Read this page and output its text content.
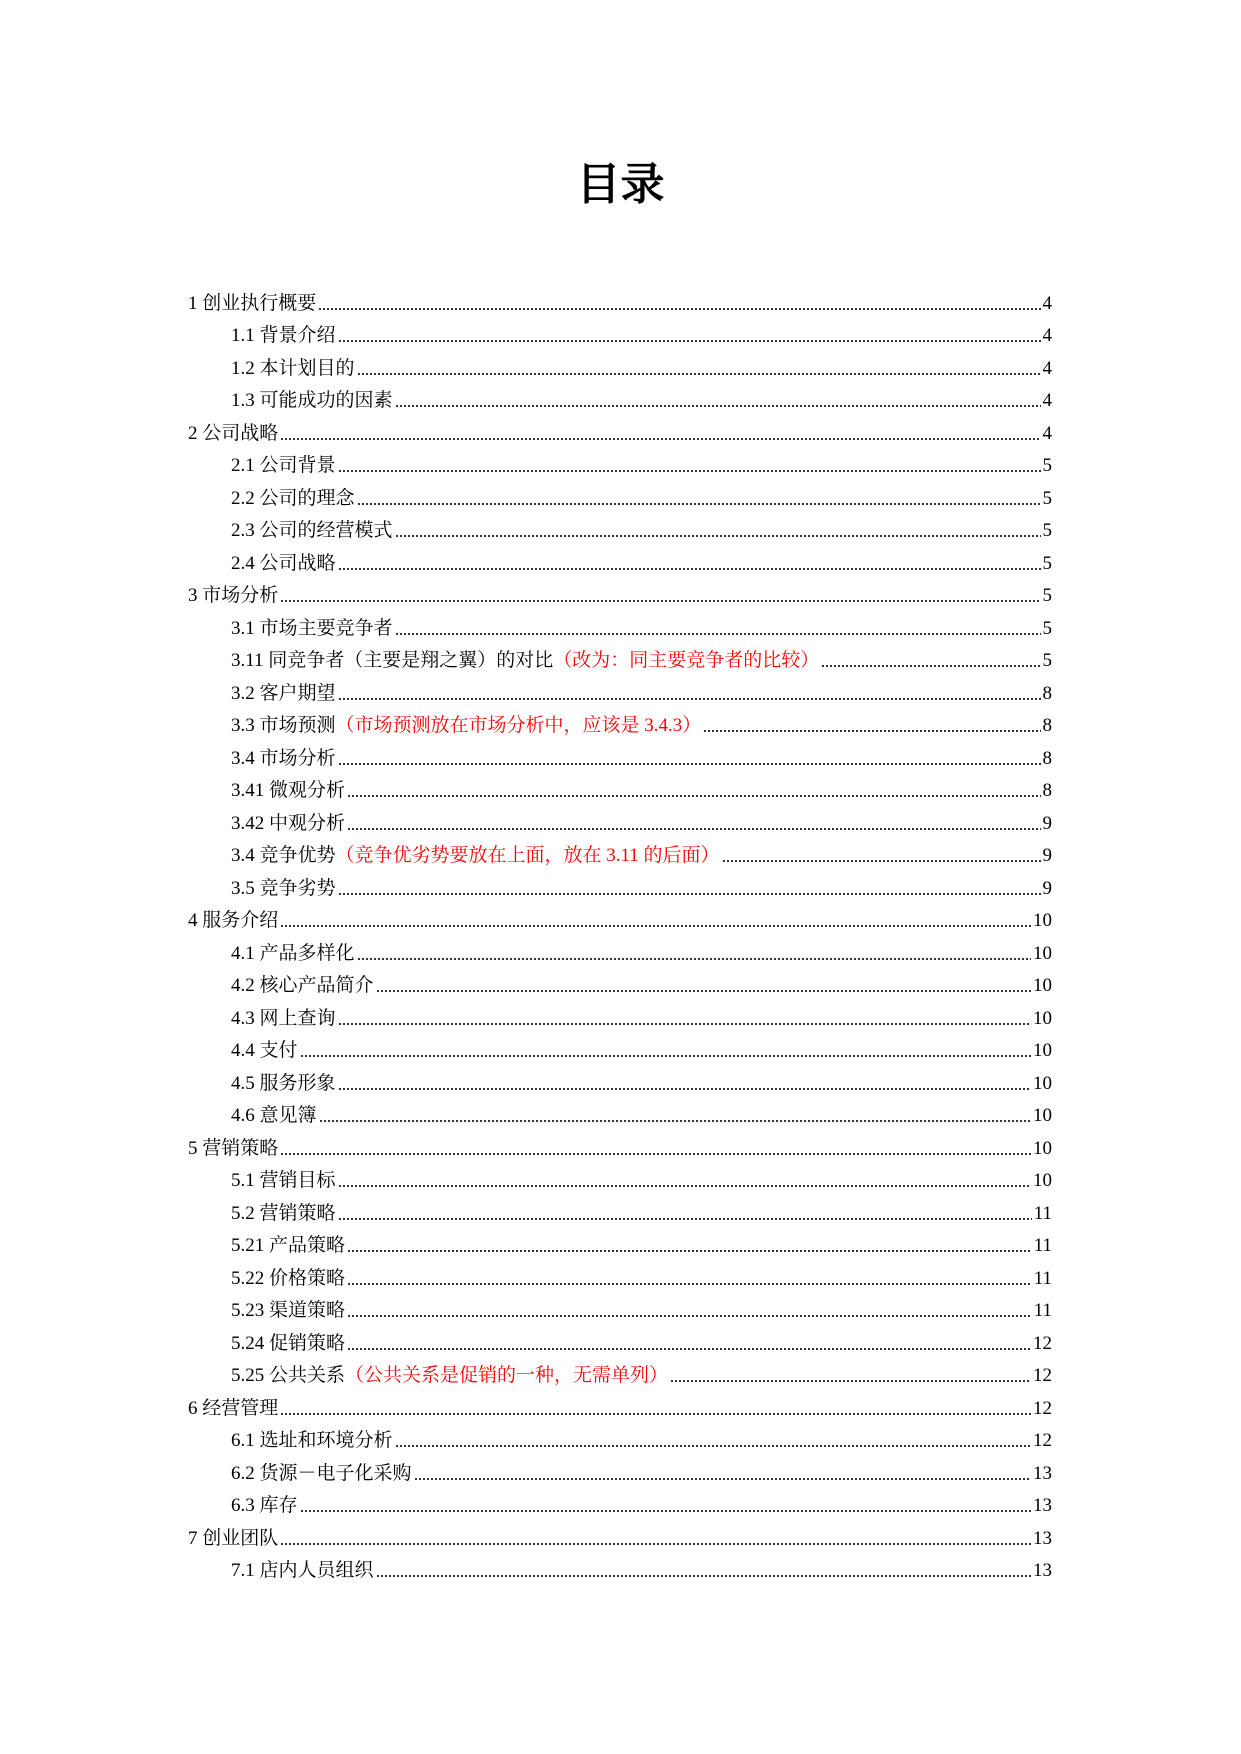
目录
1 创业执行概要	4
1.1 背景介绍	4
1.2 本计划目的	4
1.3 可能成功的因素	4
2 公司战略	4
2.1 公司背景	5
2.2 公司的理念	5
2.3 公司的经营模式	5
2.4 公司战略	5
3 市场分析	5
3.1 市场主要竞争者	5
3.11 同竞争者（主要是翔之翼）的对比 （改为：同主要竞争者的比较）	5
3.2 客户期望	8
3.3 市场预测 （市场预测放在市场分析中，应该是 3.4.3）	8
3.4 市场分析	8
3.41 微观分析	8
3.42 中观分析	9
3.4 竞争优势 （竞争优劣势要放在上面，放在 3.11 的后面）	9
3.5 竞争劣势	9
4 服务介绍	10
4.1 产品多样化	10
4.2 核心产品简介	10
4.3 网上查询	10
4.4 支付	10
4.5 服务形象	10
4.6 意见簿	10
5 营销策略	10
5.1 营销目标	10
5.2 营销策略	11
5.21 产品策略	11
5.22 价格策略	11
5.23 渠道策略	11
5.24 促销策略	12
5.25 公共关系 （公共关系是促销的一种，无需单列）	12
6 经营管理	12
6.1 选址和环境分析	12
6.2 货源－电子化采购	13
6.3 库存	13
7 创业团队	13
7.1 店内人员组织	13
